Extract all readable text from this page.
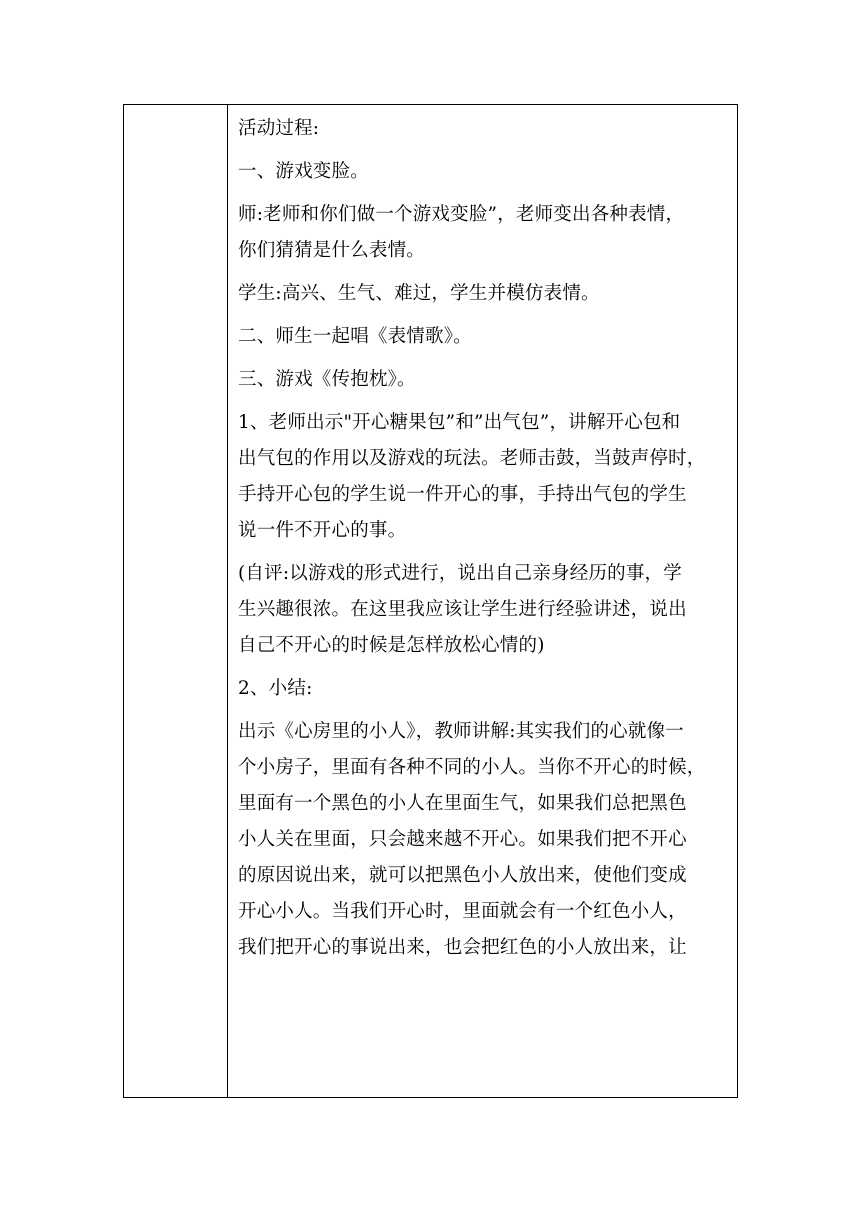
活动过程:

一、游戏变脸。

师:老师和你们做一个游戏变脸”，老师变出各种表情，
你们猜猜是什么表情。

学生:高兴、生气、难过，学生并模仿表情。

二、师生一起唱《表情歌》。

三、游戏《传抱枕》。

1、老师出示"开心糖果包”和”出气包”，讲解开心包和
出气包的作用以及游戏的玩法。老师击鼓，当鼓声停时，
手持开心包的学生说一件开心的事，手持出气包的学生
说一件不开心的事。

(自评:以游戏的形式进行，说出自己亲身经历的事，学
生兴趣很浓。在这里我应该让学生进行经验讲述，说出
自己不开心的时候是怎样放松心情的)

2、小结:

出示《心房里的小人》，教师讲解:其实我们的心就像一
个小房子，里面有各种不同的小人。当你不开心的时候，
里面有一个黑色的小人在里面生气，如果我们总把黑色
小人关在里面，只会越来越不开心。如果我们把不开心
的原因说出来，就可以把黑色小人放出来，使他们变成
开心小人。当我们开心时，里面就会有一个红色小人，
我们把开心的事说出来，也会把红色的小人放出来，让
